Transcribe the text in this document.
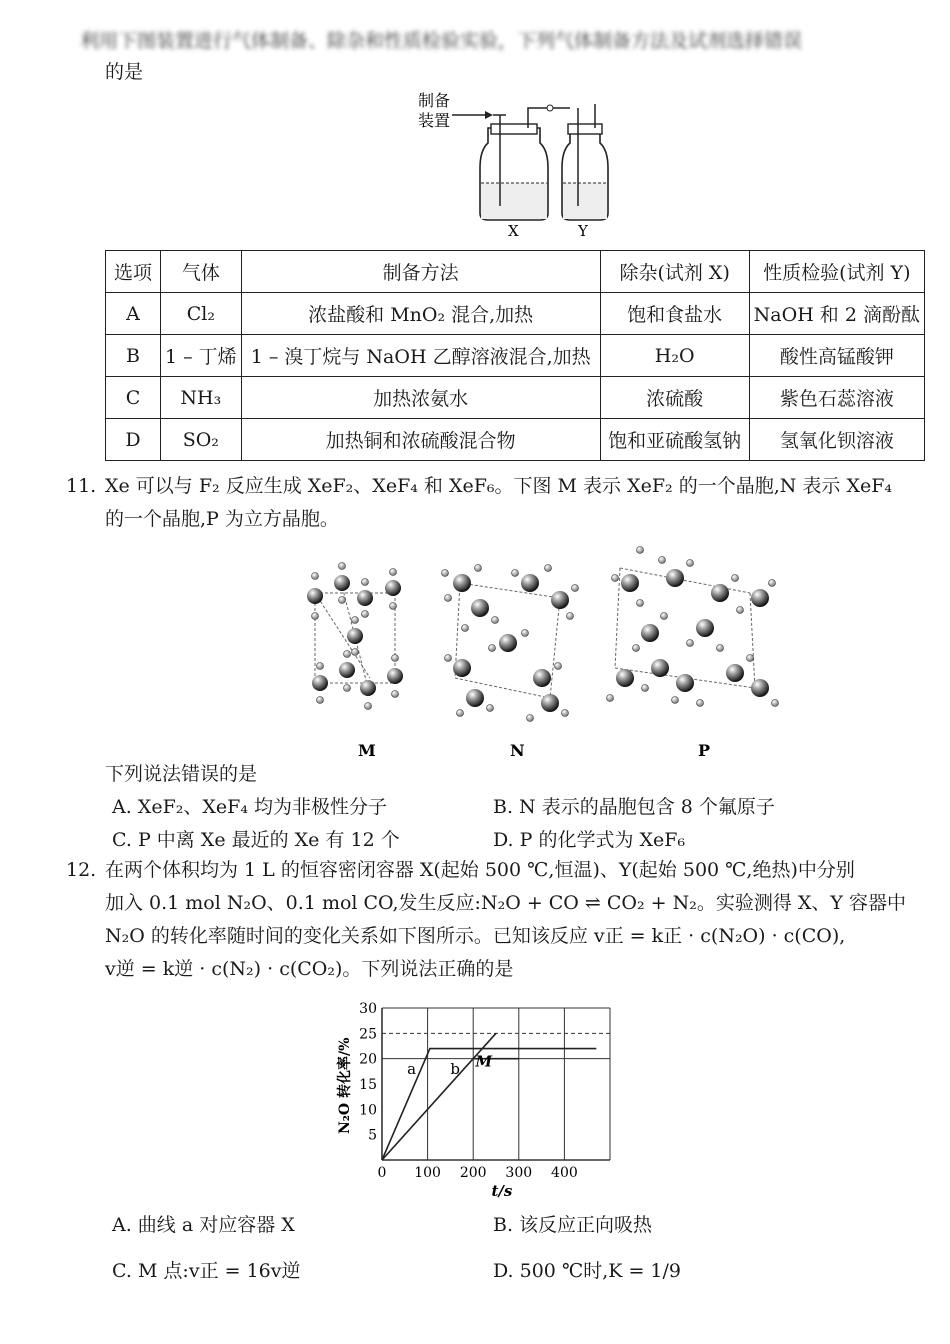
利用下图装置进行气体制备、除杂和性质检验实验，下列气体制备方法及试剂选择错误
的是
制备
装置
X	Y
选项	气体	制备方法	除杂(试剂 X)	性质检验(试剂 Y)
A	Cl₂	浓盐酸和 MnO₂ 混合,加热	饱和食盐水	NaOH 和 2 滴酚酞
B	1 – 丁烯	1 – 溴丁烷与 NaOH 乙醇溶液混合,加热	H₂O	酸性高锰酸钾
C	NH₃	加热浓氨水	浓硫酸	紫色石蕊溶液
D	SO₂	加热铜和浓硫酸混合物	饱和亚硫酸氢钠	氢氧化钡溶液
11. Xe 可以与 F₂ 反应生成 XeF₂、XeF₄ 和 XeF₆。下图 M 表示 XeF₂ 的一个晶胞,N 表示 XeF₄
的一个晶胞,P 为立方晶胞。
M	N	P
下列说法错误的是
A. XeF₂、XeF₄ 均为非极性分子	B. N 表示的晶胞包含 8 个氟原子
C. P 中离 Xe 最近的 Xe 有 12 个	D. P 的化学式为 XeF₆
12. 在两个体积均为 1 L 的恒容密闭容器 X(起始 500 ℃,恒温)、Y(起始 500 ℃,绝热)中分别
加入 0.1 mol N₂O、0.1 mol CO,发生反应:N₂O + CO ⇌ CO₂ + N₂。实验测得 X、Y 容器中
N₂O 的转化率随时间的变化关系如下图所示。已知该反应 v正 = k正 · c(N₂O) · c(CO),
v逆 = k逆 · c(N₂) · c(CO₂)。下列说法正确的是
5
10
15
20
25
30
0 100 200 300 400
a b M
t/s
N₂O 转化率/%
A. 曲线 a 对应容器 X	B. 该反应正向吸热
C. M 点:v正 = 16v逆	D. 500 ℃时,K = 1/9
